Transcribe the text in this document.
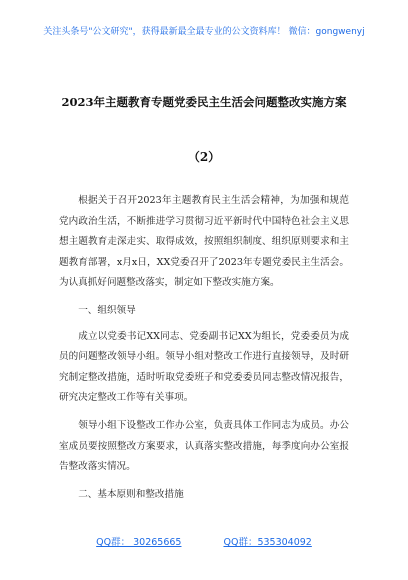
关注头条号"公文研究"，获得最新最全最专业的公文资料库！ 微信：gongwenyj
2023年主题教育专题党委民主生活会问题整改实施方案
（2）

根据关于召开2023年主题教育民主生活会精神，为加强和规范党内政治生活，不断推进学习贯彻习近平新时代中国特色社会主义思想主题教育走深走实、取得成效，按照组织制度、组织原则要求和主题教育部署，x月x日，XX党委召开了2023年专题党委民主生活会。为认真抓好问题整改落实，制定如下整改实施方案。

一、组织领导

成立以党委书记XX同志、党委副书记XX为组长，党委委员为成员的问题整改领导小组。领导小组对整改工作进行直接领导，及时研究制定整改措施，适时听取党委班子和党委委员同志整改情况报告，研究决定整改工作等有关事项。

领导小组下设整改工作办公室，负责具体工作同志为成员。办公室成员要按照整改方案要求，认真落实整改措施，每季度向办公室报告整改落实情况。

二、基本原则和整改措施

QQ群： 30265665	QQ群：535304092
